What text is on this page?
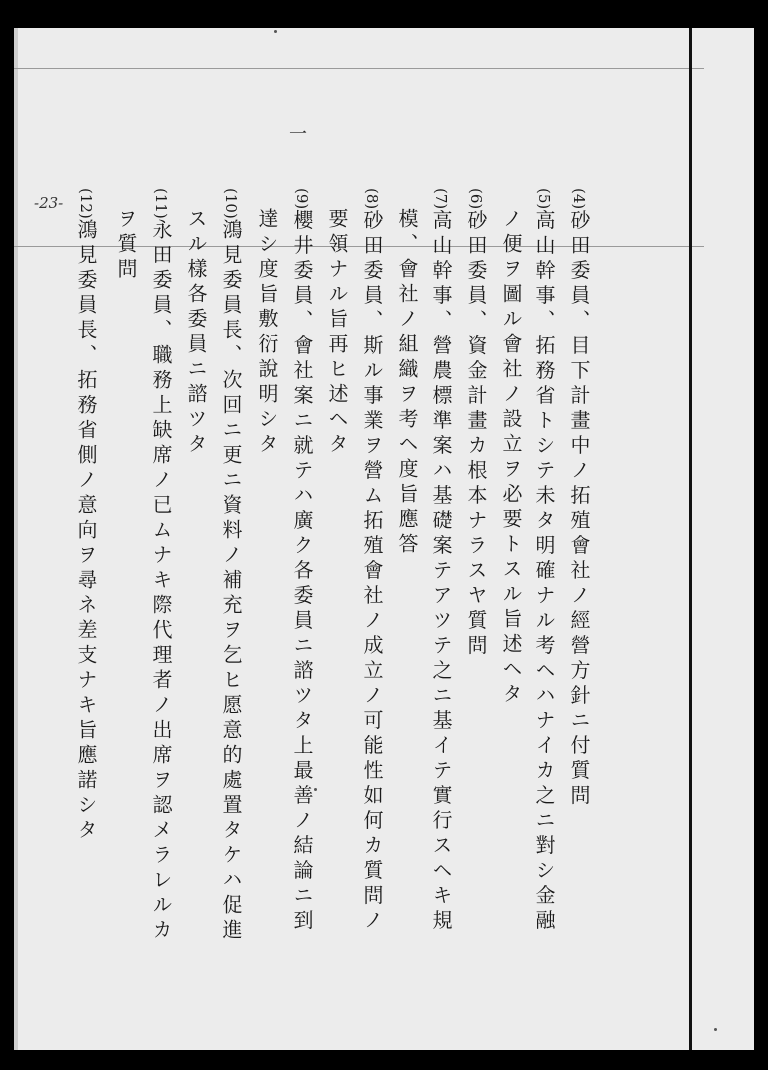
一
-23-	(4)砂田委員、目下計畫中ノ拓殖會社ノ經營方針ニ付質問
(5)高山幹事、拓務省トシテ未タ明確ナル考ヘハナイカ之ニ對シ金融
ノ便ヲ圖ル會社ノ設立ヲ必要トスル旨述ヘタ
(6)砂田委員、資金計畫カ根本ナラスヤ質問
(7)高山幹事、營農標準案ハ基礎案テアツテ之ニ基イテ實行スヘキ規
模、會社ノ組織ヲ考ヘ度旨應答
(8)砂田委員、斯ル事業ヲ營ム拓殖會社ノ成立ノ可能性如何カ質問ノ
要領ナル旨再ヒ述ヘタ
(9)櫻井委員、會社案ニ就テハ廣ク各委員ニ諮ツタ上最善ノ結論ニ到
達シ度旨敷衍說明シタ
(10)鴻見委員長、次回ニ更ニ資料ノ補充ヲ乞ヒ愿意的處置タケハ促進
スル樣各委員ニ諮ツタ
(11)永田委員、職務上缺席ノ已ムナキ際代理者ノ出席ヲ認メラレルカ
ヲ質問
(12)鴻見委員長、拓務省側ノ意向ヲ尋ネ差支ナキ旨應諾シタ
